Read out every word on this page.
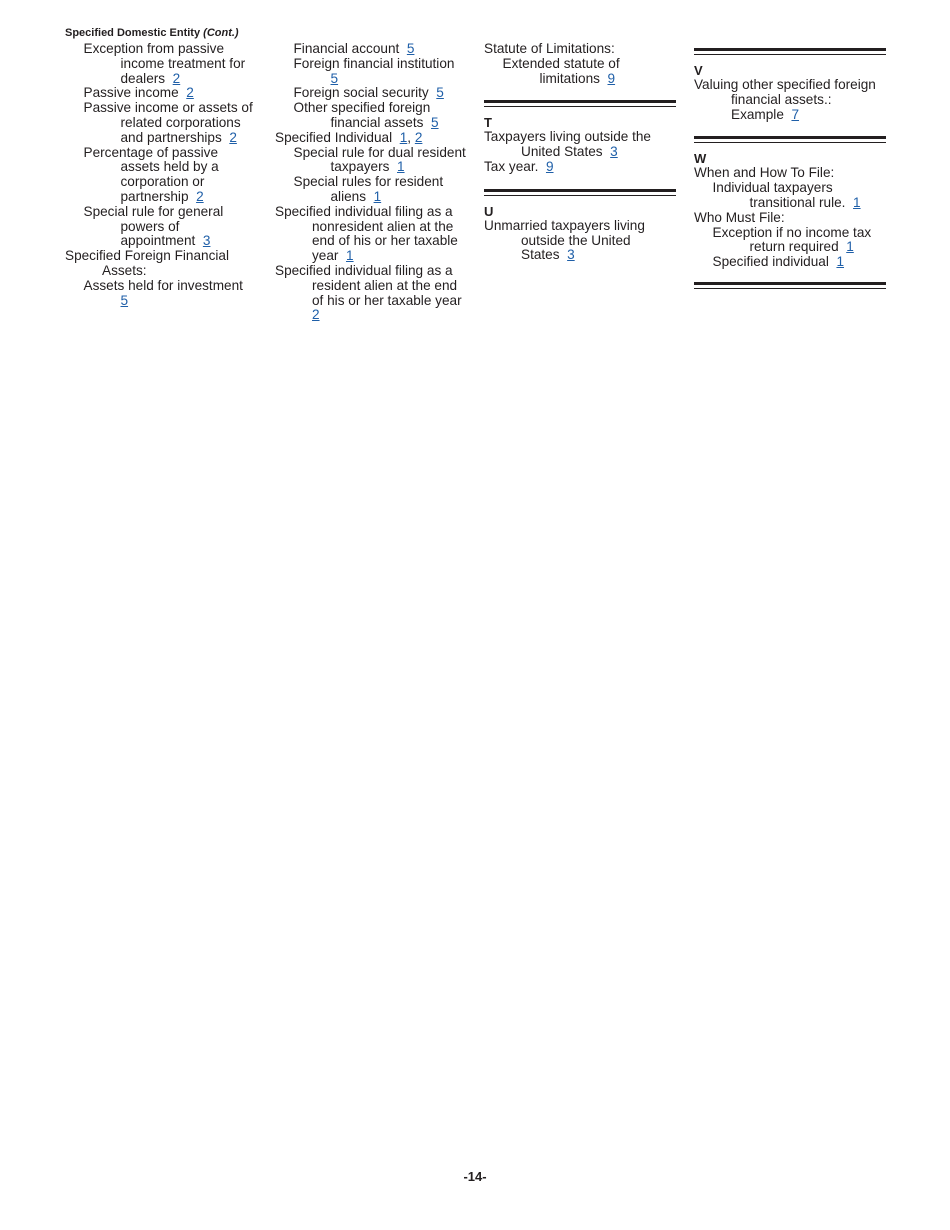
Specified Domestic Entity (Cont.)
Exception from passive income treatment for dealers 2
Passive income 2
Passive income or assets of related corporations and partnerships 2
Percentage of passive assets held by a corporation or partnership 2
Special rule for general powers of appointment 3
Specified Foreign Financial Assets:
Assets held for investment  5
Financial account 5
Foreign financial institution  5
Foreign social security 5
Other specified foreign financial assets 5
Specified Individual 1, 2
Special rule for dual resident taxpayers 1
Special rules for resident aliens 1
Specified individual filing as a nonresident alien at the end of his or her taxable year 1
Specified individual filing as a resident alien at the end of his or her taxable year  2
Statute of Limitations:
Extended statute of limitations 9
T
Taxpayers living outside the United States 3
Tax year. 9
U
Unmarried taxpayers living outside the United States 3
V
Valuing other specified foreign financial assets.: Example 7
W
When and How To File:
Individual taxpayers transitional rule. 1
Who Must File:
Exception if no income tax return required 1
Specified individual 1
-14-
